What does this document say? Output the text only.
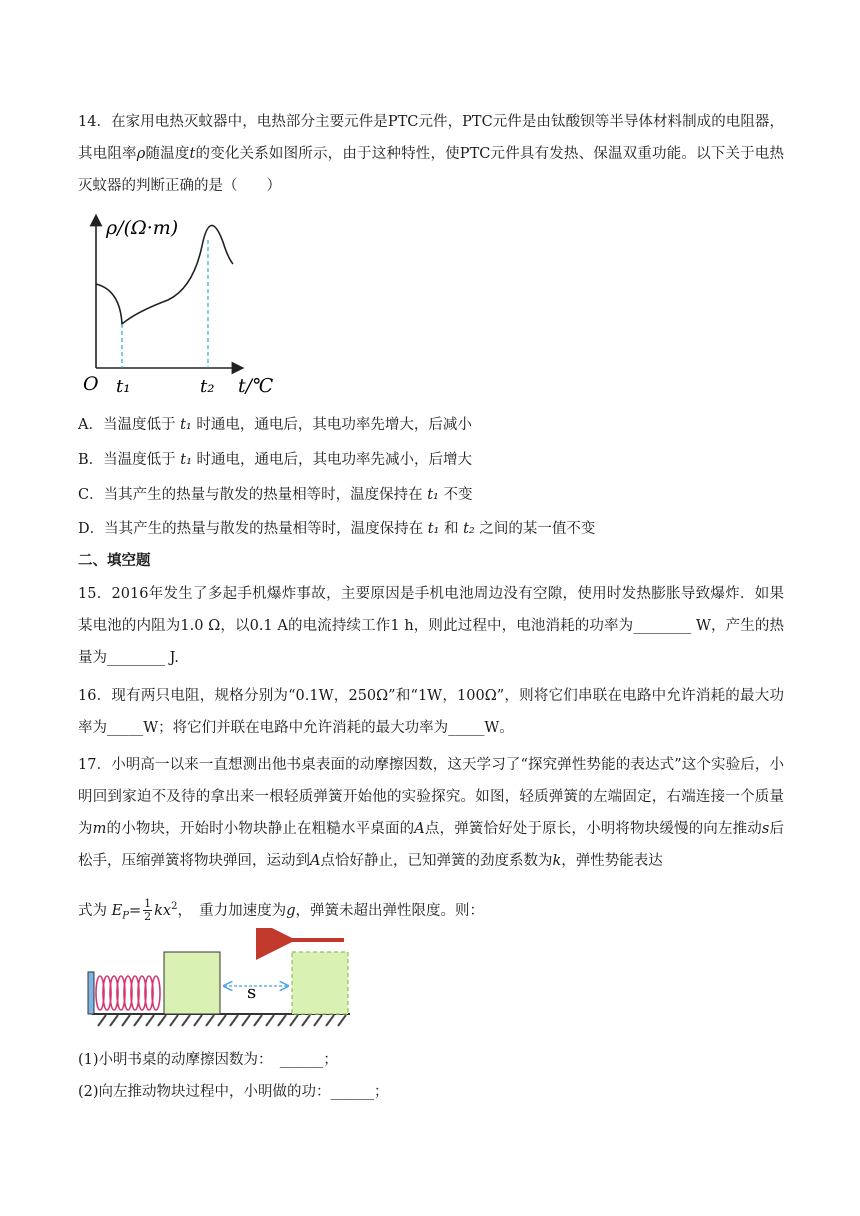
14．在家用电热灭蚊器中，电热部分主要元件是PTC元件，PTC元件是由钛酸钡等半导体材料制成的电阻器，其电阻率ρ随温度t的变化关系如图所示，由于这种特性，使PTC元件具有发热、保温双重功能。以下关于电热灭蚊器的判断正确的是（　　）
ρ/(Ω·m)
O t₁	t₂ t/℃
A．当温度低于 t₁ 时通电，通电后，其电功率先增大，后减小
B．当温度低于 t₁ 时通电，通电后，其电功率先减小，后增大
C．当其产生的热量与散发的热量相等时，温度保持在 t₁ 不变
D．当其产生的热量与散发的热量相等时，温度保持在 t₁ 和 t₂ 之间的某一值不变
二、填空题
15．2016年发生了多起手机爆炸事故，主要原因是手机电池周边没有空隙，使用时发热膨胀导致爆炸．如果某电池的内阻为1.0 Ω，以0.1 A的电流持续工作1 h，则此过程中，电池消耗的功率为________ W，产生的热量为________ J.
16．现有两只电阻，规格分别为“0.1W，250Ω”和“1W，100Ω”，则将它们串联在电路中允许消耗的最大功率为_____W；将它们并联在电路中允许消耗的最大功率为_____W。
17．小明高一以来一直想测出他书桌表面的动摩擦因数，这天学习了“探究弹性势能的表达式”这个实验后，小明回到家迫不及待的拿出来一根轻质弹簧开始他的实验探究。如图，轻质弹簧的左端固定，右端连接一个质量为m的小物块，开始时小物块静止在粗糙水平桌面的A点，弹簧恰好处于原长，小明将物块缓慢的向左推动s后松手，压缩弹簧将物块弹回，运动到A点恰好静止，已知弹簧的劲度系数为k，弹性势能表达
式为 $E_P= \frac{1}{2} kx^2$，　重力加速度为g，弹簧未超出弹性限度。则：
s
(1)小明书桌的动摩擦因数为：　______；
(2)向左推动物块过程中，小明做的功：______；
